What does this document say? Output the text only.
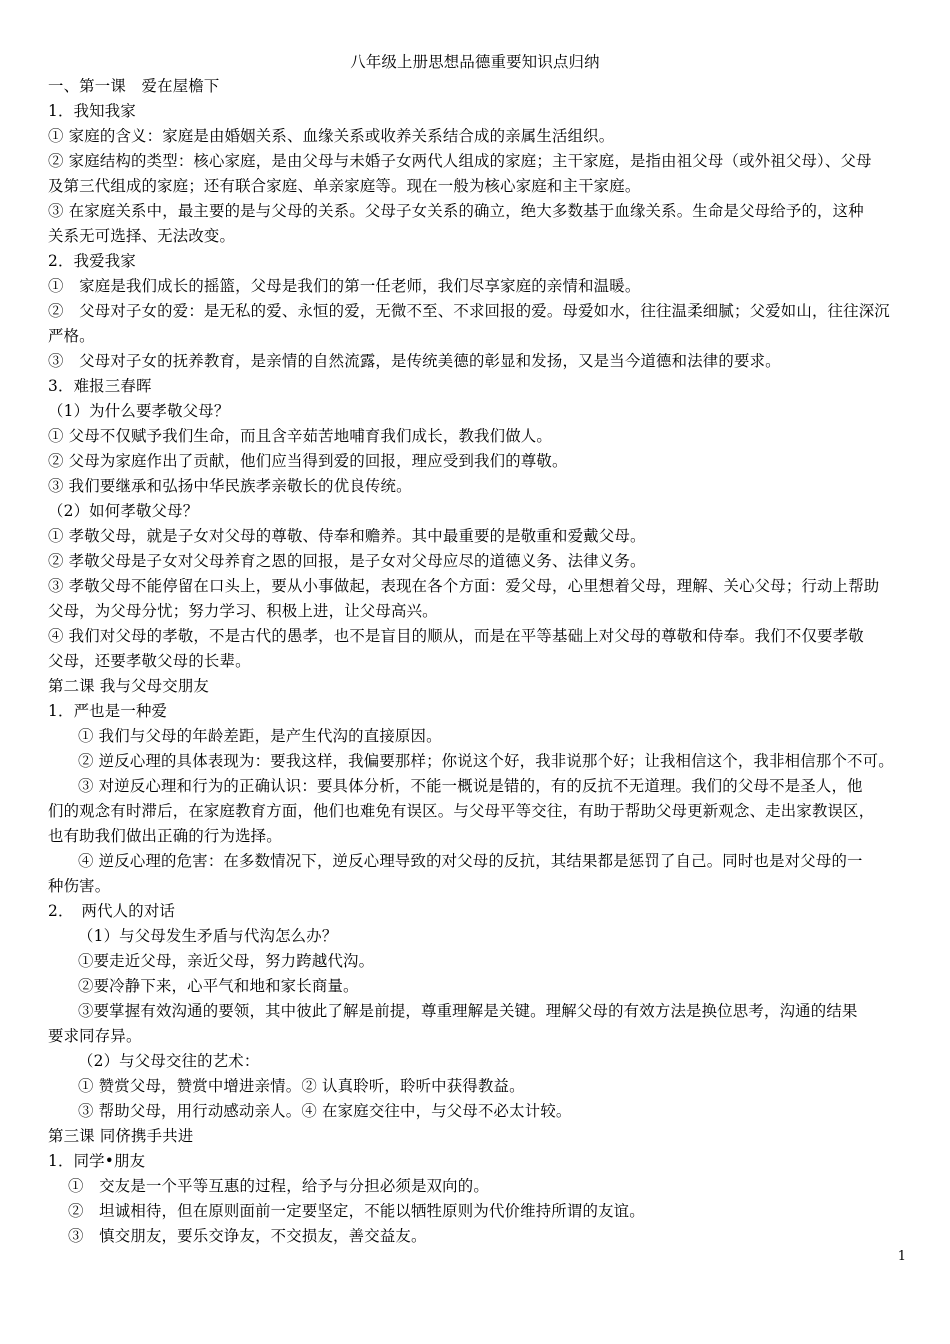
八年级上册思想品德重要知识点归纳
一、第一课　爱在屋檐下
1．我知我家
① 家庭的含义：家庭是由婚姻关系、血缘关系或收养关系结合成的亲属生活组织。
② 家庭结构的类型：核心家庭，是由父母与未婚子女两代人组成的家庭；主干家庭，是指由祖父母（或外祖父母）、父母
及第三代组成的家庭；还有联合家庭、单亲家庭等。现在一般为核心家庭和主干家庭。
③ 在家庭关系中，最主要的是与父母的关系。父母子女关系的确立，绝大多数基于血缘关系。生命是父母给予的，这种
关系无可选择、无法改变。
2．我爱我家
①　家庭是我们成长的摇篮，父母是我们的第一任老师，我们尽享家庭的亲情和温暖。
②　父母对子女的爱：是无私的爱、永恒的爱，无微不至、不求回报的爱。母爱如水，往往温柔细腻；父爱如山，往往深沉
严格。
③　父母对子女的抚养教育，是亲情的自然流露，是传统美德的彰显和发扬，又是当今道德和法律的要求。
3．难报三春晖
（1）为什么要孝敬父母？
① 父母不仅赋予我们生命，而且含辛茹苦地哺育我们成长，教我们做人。
② 父母为家庭作出了贡献，他们应当得到爱的回报，理应受到我们的尊敬。
③ 我们要继承和弘扬中华民族孝亲敬长的优良传统。
（2）如何孝敬父母？
① 孝敬父母，就是子女对父母的尊敬、侍奉和赡养。其中最重要的是敬重和爱戴父母。
② 孝敬父母是子女对父母养育之恩的回报，是子女对父母应尽的道德义务、法律义务。
③ 孝敬父母不能停留在口头上，要从小事做起，表现在各个方面：爱父母，心里想着父母，理解、关心父母；行动上帮助
父母，为父母分忧；努力学习、积极上进，让父母高兴。
④ 我们对父母的孝敬，不是古代的愚孝，也不是盲目的顺从，而是在平等基础上对父母的尊敬和侍奉。我们不仅要孝敬
父母，还要孝敬父母的长辈。
第二课 我与父母交朋友
1．严也是一种爱
① 我们与父母的年龄差距，是产生代沟的直接原因。
② 逆反心理的具体表现为：要我这样，我偏要那样；你说这个好，我非说那个好；让我相信这个，我非相信那个不可。
③ 对逆反心理和行为的正确认识：要具体分析，不能一概说是错的，有的反抗不无道理。我们的父母不是圣人，他
们的观念有时滞后，在家庭教育方面，他们也难免有误区。与父母平等交往，有助于帮助父母更新观念、走出家教误区，
也有助我们做出正确的行为选择。
④ 逆反心理的危害：在多数情况下，逆反心理导致的对父母的反抗，其结果都是惩罚了自己。同时也是对父母的一
种伤害。
2．　两代人的对话
（1）与父母发生矛盾与代沟怎么办？
①要走近父母，亲近父母，努力跨越代沟。
②要冷静下来，心平气和地和家长商量。
③要掌握有效沟通的要领，其中彼此了解是前提，尊重理解是关键。理解父母的有效方法是换位思考，沟通的结果
要求同存异。
（2）与父母交往的艺术：
① 赞赏父母，赞赏中增进亲情。② 认真聆听，聆听中获得教益。
③ 帮助父母，用行动感动亲人。④ 在家庭交往中，与父母不必太计较。
第三课 同侪携手共进
1．同学•朋友
①　交友是一个平等互惠的过程，给予与分担必须是双向的。
②　坦诚相待，但在原则面前一定要坚定，不能以牺牲原则为代价维持所谓的友谊。
③　慎交朋友，要乐交诤友，不交损友，善交益友。
1
